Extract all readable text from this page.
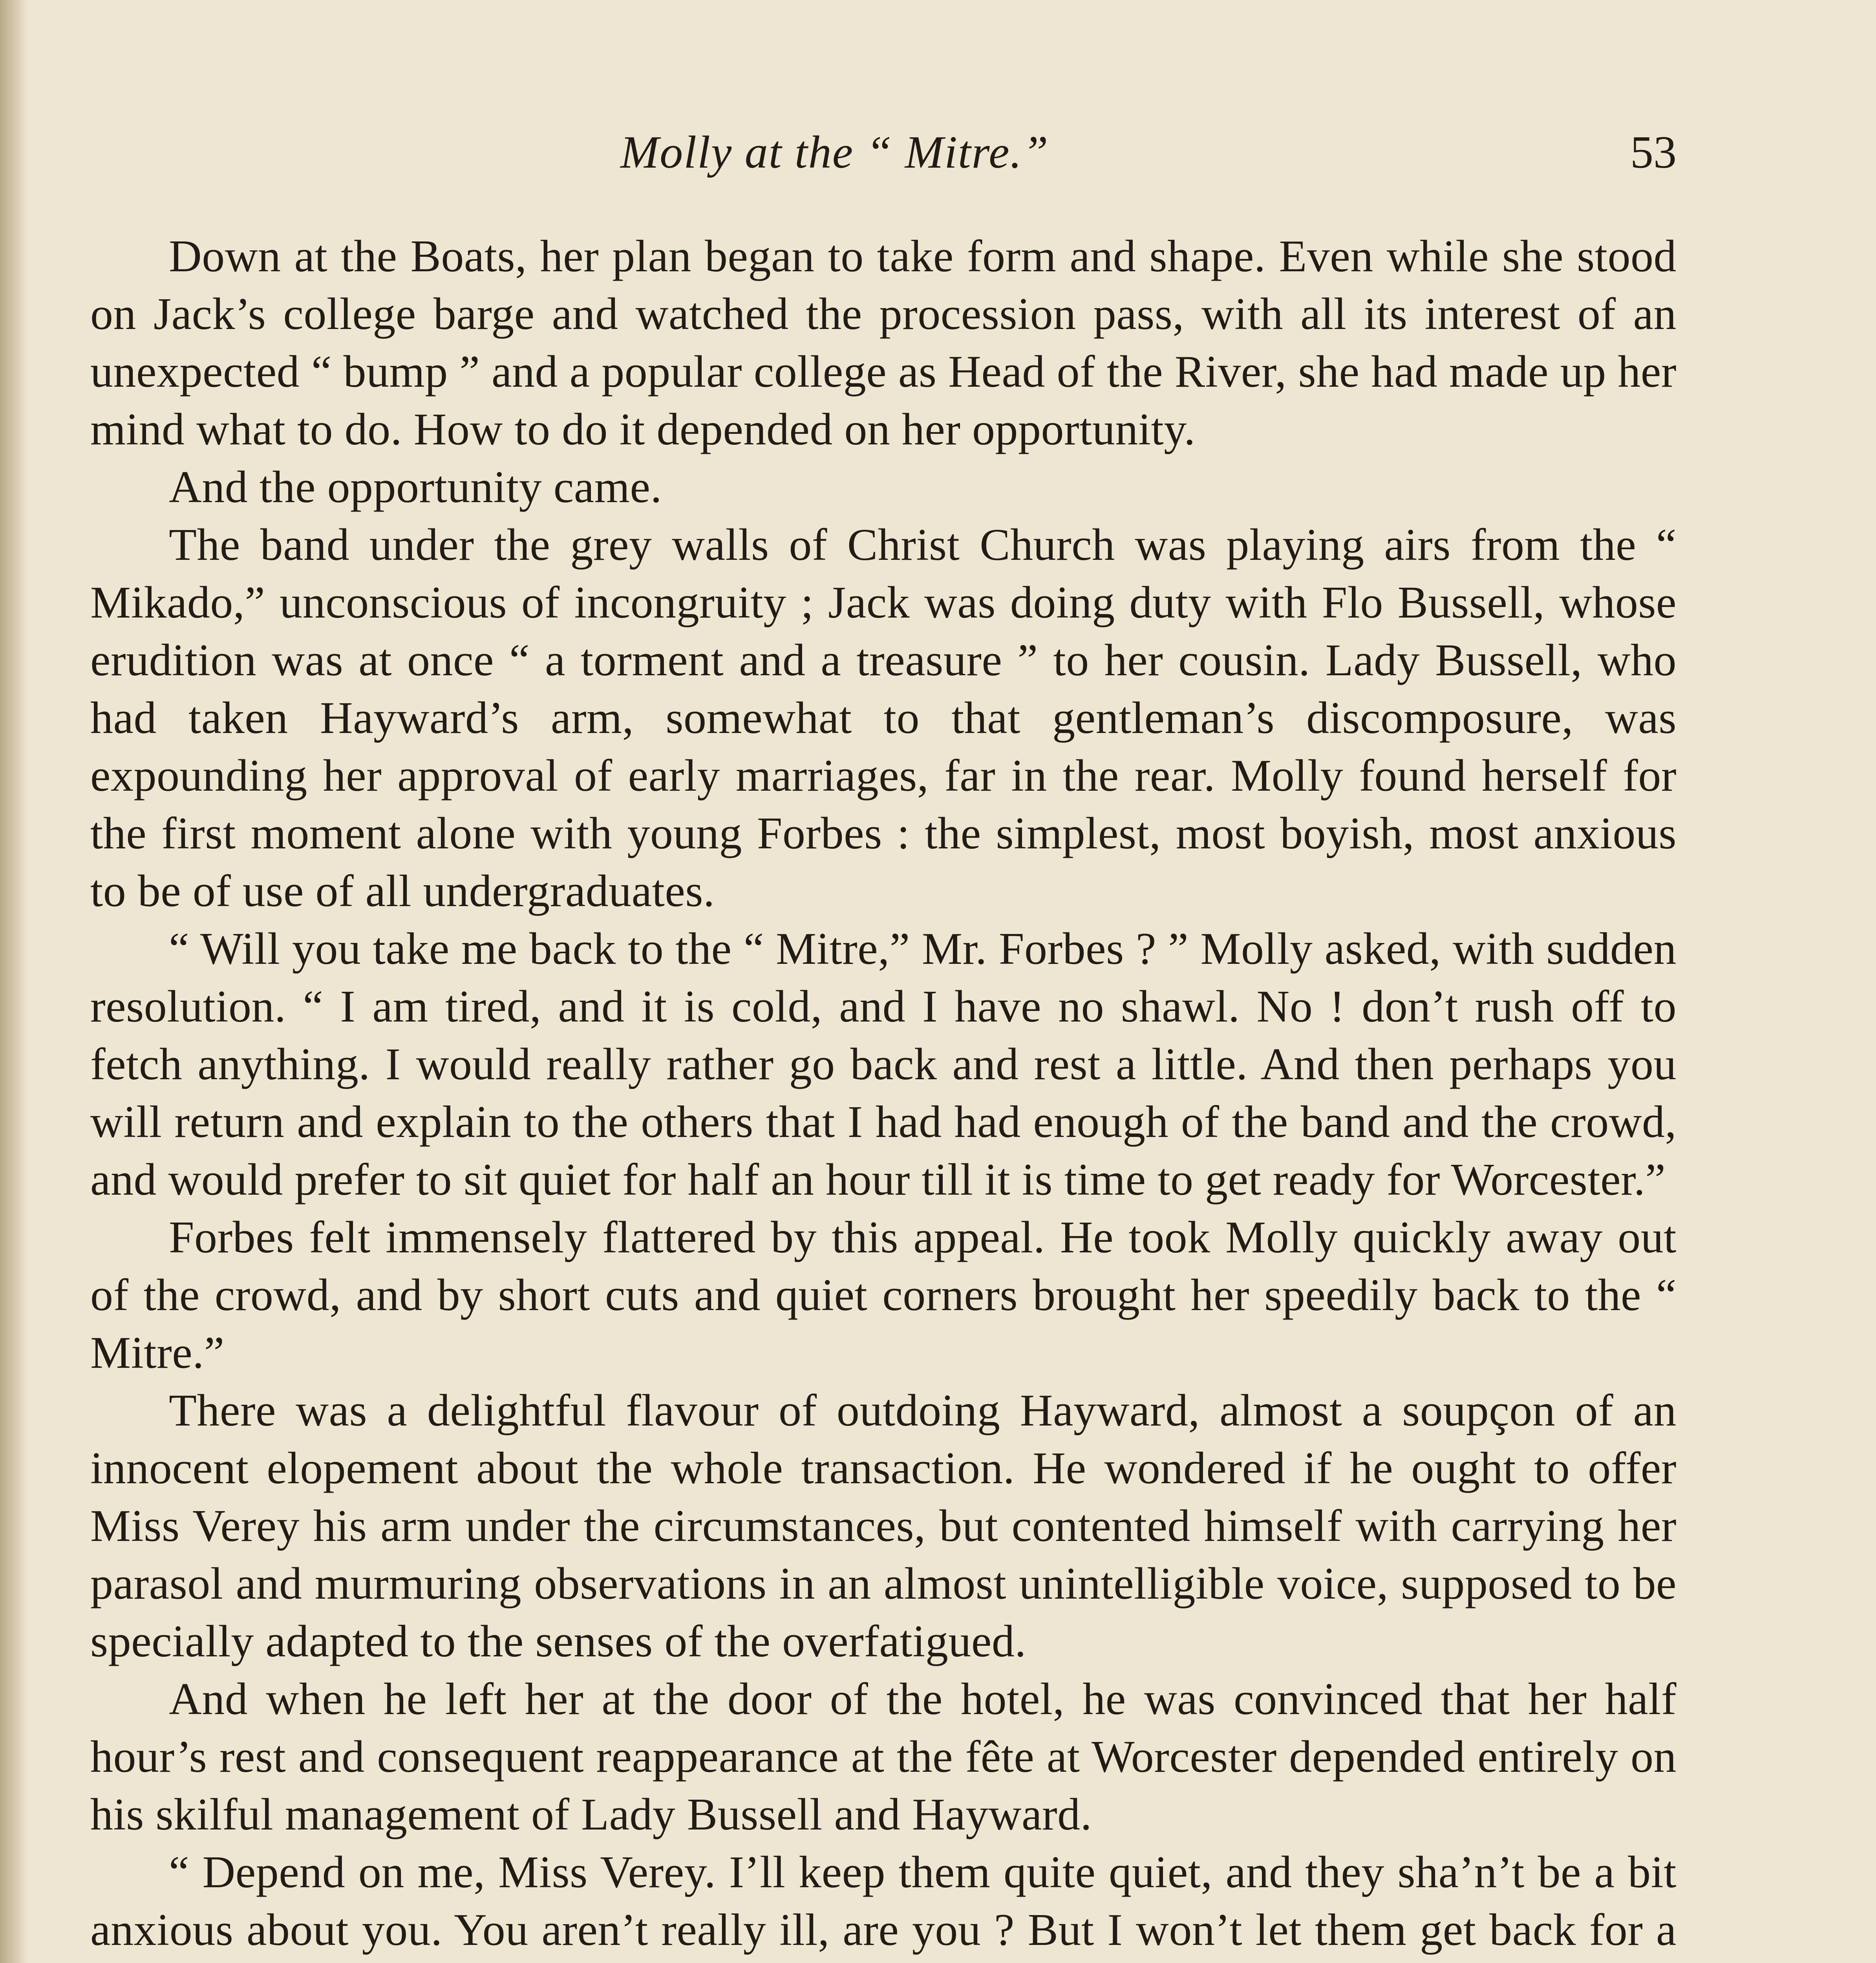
Molly at the “ Mitre.”	53

Down at the Boats, her plan began to take form and shape. Even while she stood on Jack’s college barge and watched the procession pass, with all its interest of an unexpected “ bump ” and a popular college as Head of the River, she had made up her mind what to do. How to do it depended on her opportunity.

And the opportunity came.

The band under the grey walls of Christ Church was playing airs from the “ Mikado,” unconscious of incongruity ; Jack was doing duty with Flo Bussell, whose erudition was at once “ a torment and a treasure ” to her cousin. Lady Bussell, who had taken Hayward’s arm, somewhat to that gentleman’s discomposure, was expounding her approval of early marriages, far in the rear. Molly found herself for the first moment alone with young Forbes : the simplest, most boyish, most anxious to be of use of all undergraduates.

“ Will you take me back to the “ Mitre,” Mr. Forbes ? ” Molly asked, with sudden resolution. “ I am tired, and it is cold, and I have no shawl. No ! don’t rush off to fetch anything. I would really rather go back and rest a little. And then perhaps you will return and explain to the others that I had had enough of the band and the crowd, and would prefer to sit quiet for half an hour till it is time to get ready for Worcester.”

Forbes felt immensely flattered by this appeal. He took Molly quickly away out of the crowd, and by short cuts and quiet corners brought her speedily back to the “ Mitre.”

There was a delightful flavour of outdoing Hayward, almost a soupçon of an innocent elopement about the whole transaction. He wondered if he ought to offer Miss Verey his arm under the circumstances, but contented himself with carrying her parasol and murmuring observations in an almost unintelligible voice, supposed to be specially adapted to the senses of the overfatigued.

And when he left her at the door of the hotel, he was convinced that her half hour’s rest and consequent reappearance at the fête at Worcester depended entirely on his skilful management of Lady Bussell and Hayward.

“ Depend on me, Miss Verey. I’ll keep them quite quiet, and they sha’n’t be a bit anxious about you. You aren’t really ill, are you ? But I won’t let them get back for a
